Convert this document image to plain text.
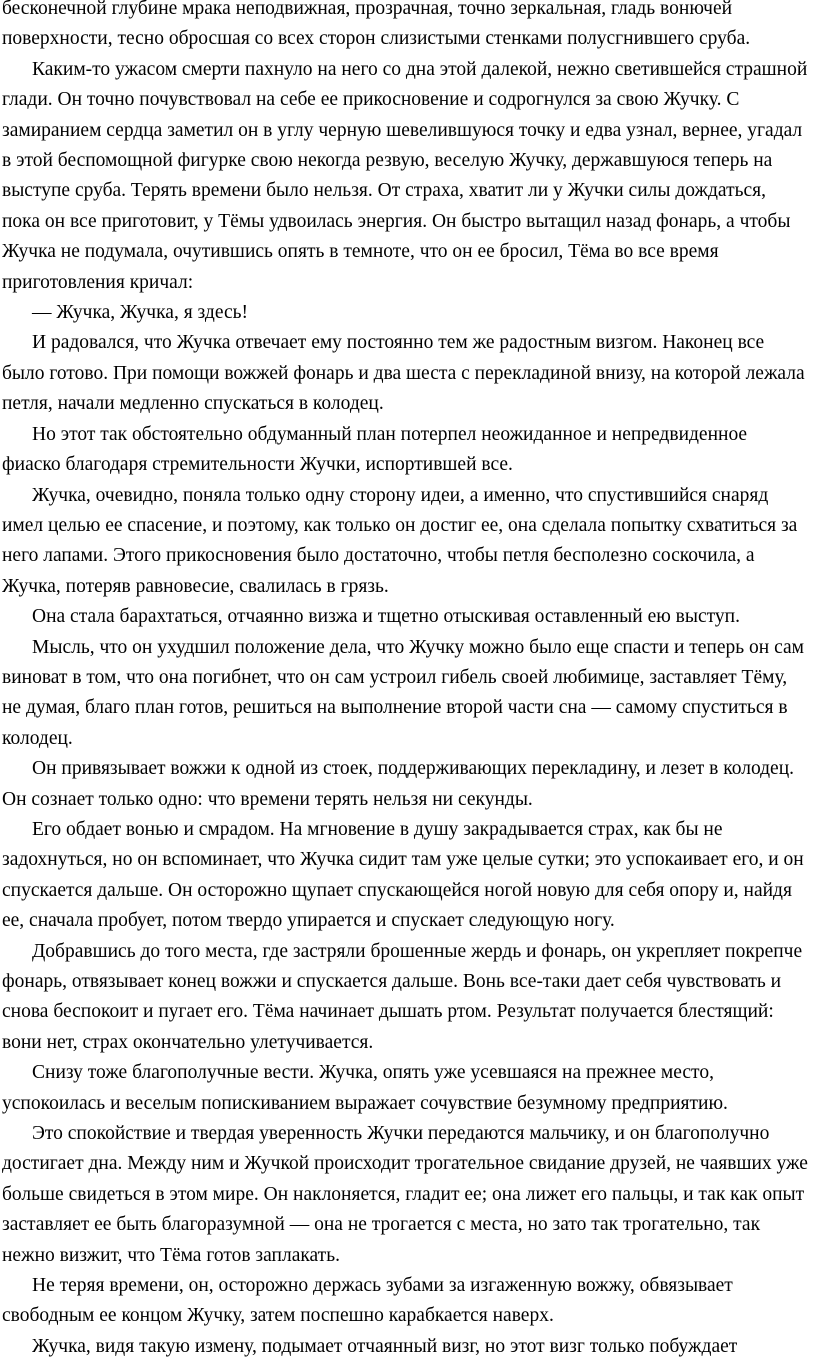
бесконечной глубине мрака неподвижная, прозрачная, точно зеркальная, гладь вонючей поверхности, тесно обросшая со всех сторон слизистыми стенками полусгнившего сруба.

Каким-то ужасом смерти пахнуло на него со дна этой далекой, нежно светившейся страшной глади. Он точно почувствовал на себе ее прикосновение и содрогнулся за свою Жучку. С замиранием сердца заметил он в углу черную шевелившуюся точку и едва узнал, вернее, угадал в этой беспомощной фигурке свою некогда резвую, веселую Жучку, державшуюся теперь на выступе сруба. Терять времени было нельзя. От страха, хватит ли у Жучки силы дождаться, пока он все приготовит, у Тёмы удвоилась энергия. Он быстро вытащил назад фонарь, а чтобы Жучка не подумала, очутившись опять в темноте, что он ее бросил, Тёма во все время приготовления кричал:

— Жучка, Жучка, я здесь!

И радовался, что Жучка отвечает ему постоянно тем же радостным визгом. Наконец все было готово. При помощи вожжей фонарь и два шеста с перекладиной внизу, на которой лежала петля, начали медленно спускаться в колодец.

Но этот так обстоятельно обдуманный план потерпел неожиданное и непредвиденное фиаско благодаря стремительности Жучки, испортившей все.

Жучка, очевидно, поняла только одну сторону идеи, а именно, что спустившийся снаряд имел целью ее спасение, и поэтому, как только он достиг ее, она сделала попытку схватиться за него лапами. Этого прикосновения было достаточно, чтобы петля бесполезно соскочила, а Жучка, потеряв равновесие, свалилась в грязь.

Она стала барахтаться, отчаянно визжа и тщетно отыскивая оставленный ею выступ.

Мысль, что он ухудшил положение дела, что Жучку можно было еще спасти и теперь он сам виноват в том, что она погибнет, что он сам устроил гибель своей любимице, заставляет Тёму, не думая, благо план готов, решиться на выполнение второй части сна — самому спуститься в колодец.

Он привязывает вожжи к одной из стоек, поддерживающих перекладину, и лезет в колодец. Он сознает только одно: что времени терять нельзя ни секунды.

Его обдает вонью и смрадом. На мгновение в душу закрадывается страх, как бы не задохнуться, но он вспоминает, что Жучка сидит там уже целые сутки; это успокаивает его, и он спускается дальше. Он осторожно щупает спускающейся ногой новую для себя опору и, найдя ее, сначала пробует, потом твердо упирается и спускает следующую ногу.

Добравшись до того места, где застряли брошенные жердь и фонарь, он укрепляет покрепче фонарь, отвязывает конец вожжи и спускается дальше. Вонь все-таки дает себя чувствовать и снова беспокоит и пугает его. Тёма начинает дышать ртом. Результат получается блестящий: вони нет, страх окончательно улетучивается.

Снизу тоже благополучные вести. Жучка, опять уже усевшаяся на прежнее место, успокоилась и веселым попискиванием выражает сочувствие безумному предприятию.

Это спокойствие и твердая уверенность Жучки передаются мальчику, и он благополучно достигает дна. Между ним и Жучкой происходит трогательное свидание друзей, не чаявших уже больше свидеться в этом мире. Он наклоняется, гладит ее; она лижет его пальцы, и так как опыт заставляет ее быть благоразумной — она не трогается с места, но зато так трогательно, так нежно визжит, что Тёма готов заплакать.

Не теряя времени, он, осторожно держась зубами за изгаженную вожжу, обвязывает свободным ее концом Жучку, затем поспешно карабкается наверх.

Жучка, видя такую измену, подымает отчаянный визг, но этот визг только побуждает
